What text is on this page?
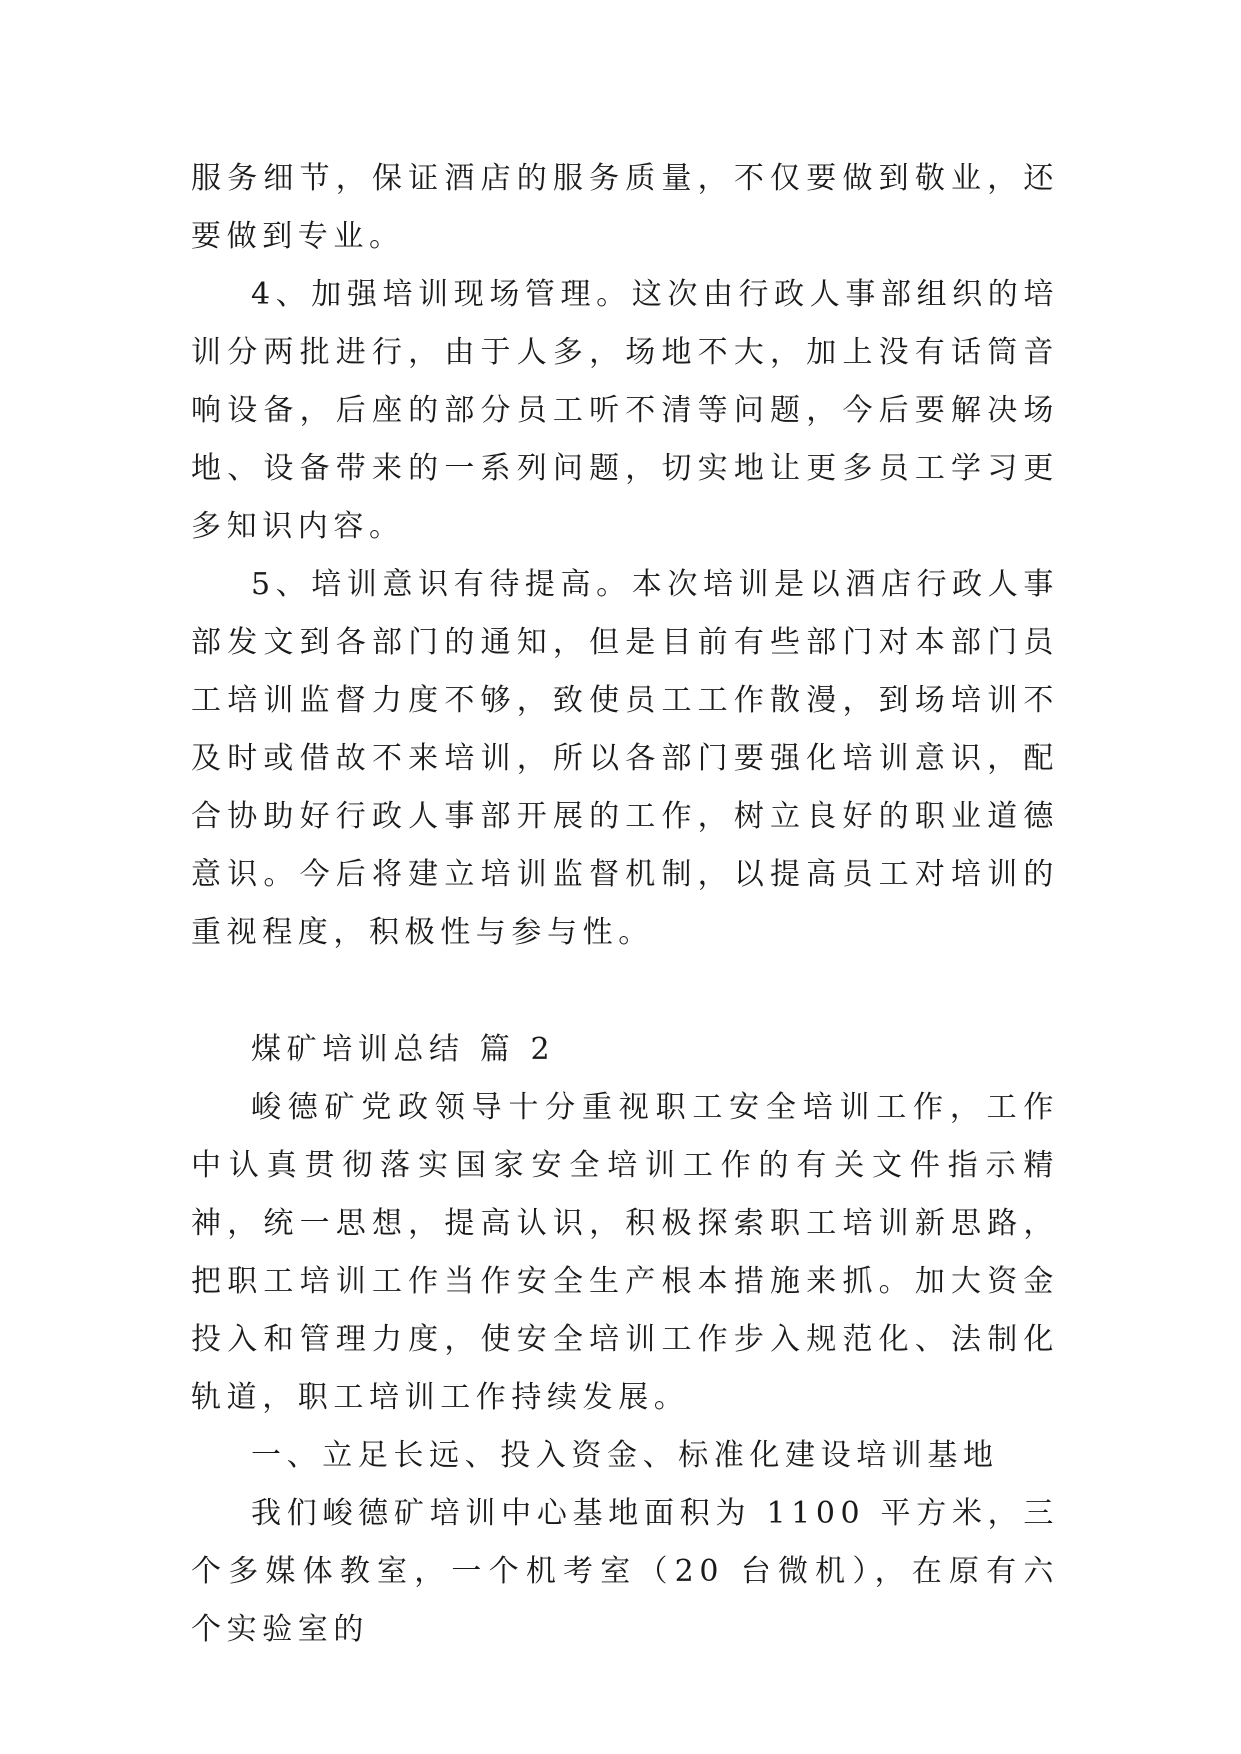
服务细节，保证酒店的服务质量，不仅要做到敬业，还要做到专业。

4、加强培训现场管理。这次由行政人事部组织的培训分两批进行，由于人多，场地不大，加上没有话筒音响设备，后座的部分员工听不清等问题，今后要解决场地、设备带来的一系列问题，切实地让更多员工学习更多知识内容。

5、培训意识有待提高。本次培训是以酒店行政人事部发文到各部门的通知，但是目前有些部门对本部门员工培训监督力度不够，致使员工工作散漫，到场培训不及时或借故不来培训，所以各部门要强化培训意识，配合协助好行政人事部开展的工作，树立良好的职业道德意识。今后将建立培训监督机制，以提高员工对培训的重视程度，积极性与参与性。

煤矿培训总结 篇 2

峻德矿党政领导十分重视职工安全培训工作，工作中认真贯彻落实国家安全培训工作的有关文件指示精神，统一思想，提高认识，积极探索职工培训新思路，把职工培训工作当作安全生产根本措施来抓。加大资金投入和管理力度，使安全培训工作步入规范化、法制化轨道，职工培训工作持续发展。

一、立足长远、投入资金、标准化建设培训基地

我们峻德矿培训中心基地面积为 1100 平方米，三个多媒体教室，一个机考室（20 台微机），在原有六个实验室的
